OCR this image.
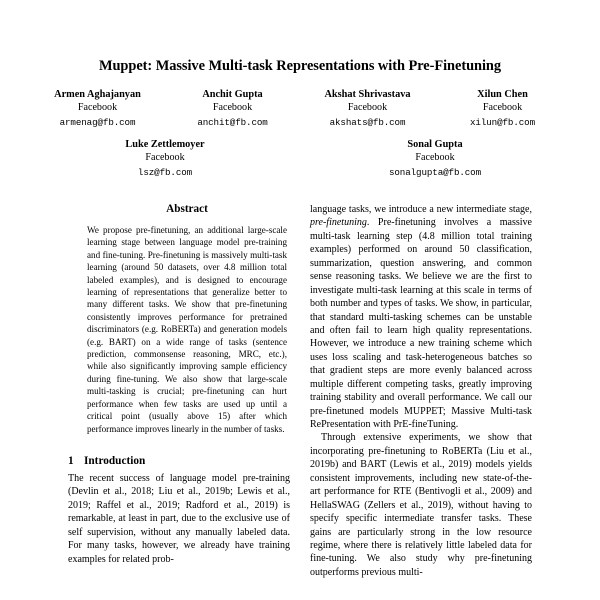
Muppet: Massive Multi-task Representations with Pre-Finetuning
Armen Aghajanyan
Facebook
armenag@fb.com
Anchit Gupta
Facebook
anchit@fb.com
Akshat Shrivastava
Facebook
akshats@fb.com
Xilun Chen
Facebook
xilun@fb.com
Luke Zettlemoyer
Facebook
lsz@fb.com
Sonal Gupta
Facebook
sonalgupta@fb.com
Abstract

We propose pre-finetuning, an additional large-scale learning stage between language model pre-training and fine-tuning. Pre-finetuning is massively multi-task learning (around 50 datasets, over 4.8 million total labeled examples), and is designed to encourage learning of representations that generalize better to many different tasks. We show that pre-finetuning consistently improves performance for pretrained discriminators (e.g. RoBERTa) and generation models (e.g. BART) on a wide range of tasks (sentence prediction, commonsense reasoning, MRC, etc.), while also significantly improving sample efficiency during fine-tuning. We also show that large-scale multi-tasking is crucial; pre-finetuning can hurt performance when few tasks are used up until a critical point (usually above 15) after which performance improves linearly in the number of tasks.

1 Introduction

The recent success of language model pre-training (Devlin et al., 2018; Liu et al., 2019b; Lewis et al., 2019; Raffel et al., 2019; Radford et al., 2019) is remarkable, at least in part, due to the exclusive use of self supervision, without any manually labeled data. For many tasks, however, we already have training examples for related prob-

language tasks, we introduce a new intermediate stage, pre-finetuning. Pre-finetuning involves a massive multi-task learning step (4.8 million total training examples) performed on around 50 classification, summarization, question answering, and common sense reasoning tasks. We believe we are the first to investigate multi-task learning at this scale in terms of both number and types of tasks. We show, in particular, that standard multi-tasking schemes can be unstable and often fail to learn high quality representations. However, we introduce a new training scheme which uses loss scaling and task-heterogeneous batches so that gradient steps are more evenly balanced across multiple different competing tasks, greatly improving training stability and overall performance. We call our pre-finetuned models MUPPET; Massive Multi-task RePresentation with PrE-fineTuning.

Through extensive experiments, we show that incorporating pre-finetuning to RoBERTa (Liu et al., 2019b) and BART (Lewis et al., 2019) models yields consistent improvements, including new state-of-the-art performance for RTE (Bentivogli et al., 2009) and HellaSWAG (Zellers et al., 2019), without having to specify specific intermediate transfer tasks. These gains are particularly strong in the low resource regime, where there is relatively little labeled data for fine-tuning. We also study why pre-finetuning outperforms previous multi-
